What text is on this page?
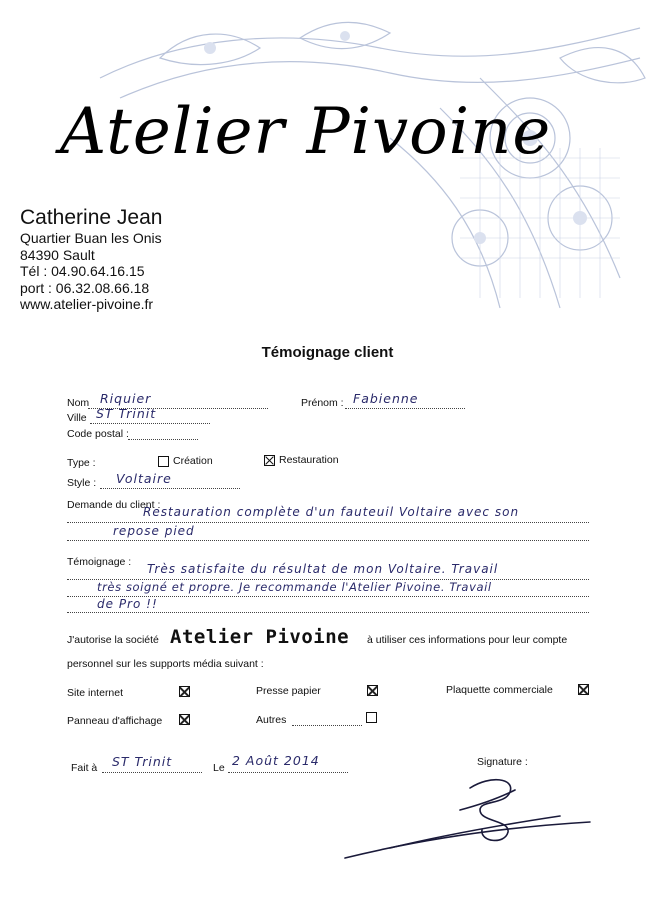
Atelier Pivoine
Catherine Jean
Quartier Buan les Onis
84390 Sault
Tél : 04.90.64.16.15
port : 06.32.08.66.18
www.atelier-pivoine.fr
Témoignage client
Nom Riquier	Prénom : Fabienne
Ville ST Trinit
Code postal :
Type :	Création	Restauration
Style : Voltaire
Demande du client :
Restauration complète d'un fauteuil Voltaire avec son
repose pied
Témoignage : Très satisfaite du résultat de mon Voltaire. Travail
très soigné et propre. Je recommande l'Atelier Pivoine. Travail
de Pro !!
J'autorise la société Atelier Pivoine à utiliser ces informations pour leur compte
personnel sur les supports média suivant :
Site internet	Presse papier	Plaquette commerciale
Panneau d'affichage	Autres
Fait à ST Trinit	Le 2 Août 2014	Signature :
